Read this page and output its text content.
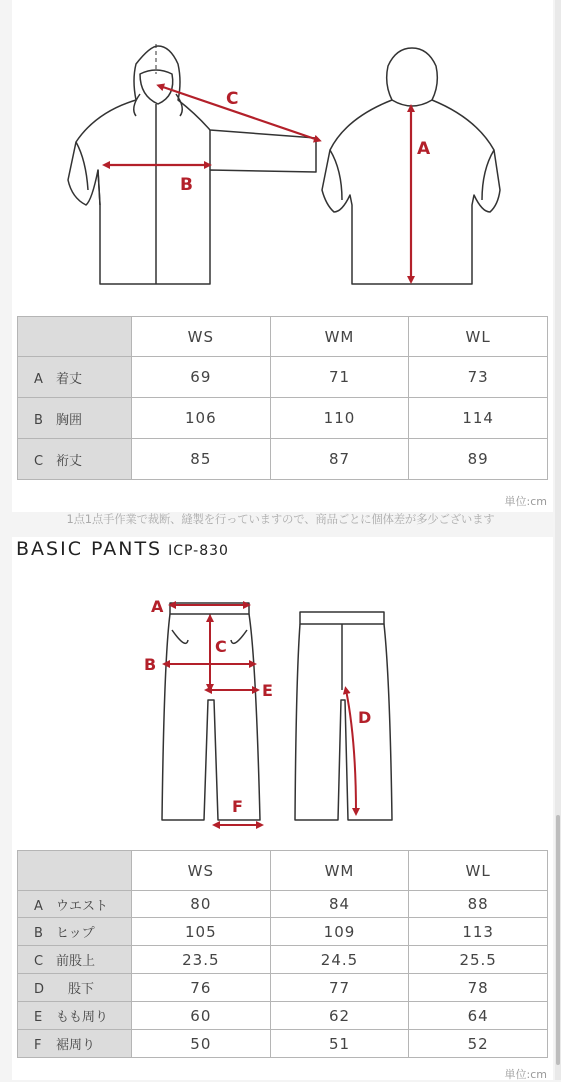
B
C
A
	WS	WM	WL
A 着丈	69	71	73
B 胸囲	106	110	114
C 裄丈	85	87	89
単位:cm
1点1点手作業で裁断、縫製を行っていますので、商品ごとに個体差が多少ございます
BASIC PANTS ICP-830
A
B
C
E
D
F
	WS	WM	WL
A ウエスト	80	84	88
B ヒップ	105	109	113
C 前股上	23.5	24.5	25.5
D 股下	76	77	78
E もも周り	60	62	64
F 裾周り	50	51	52
単位:cm
